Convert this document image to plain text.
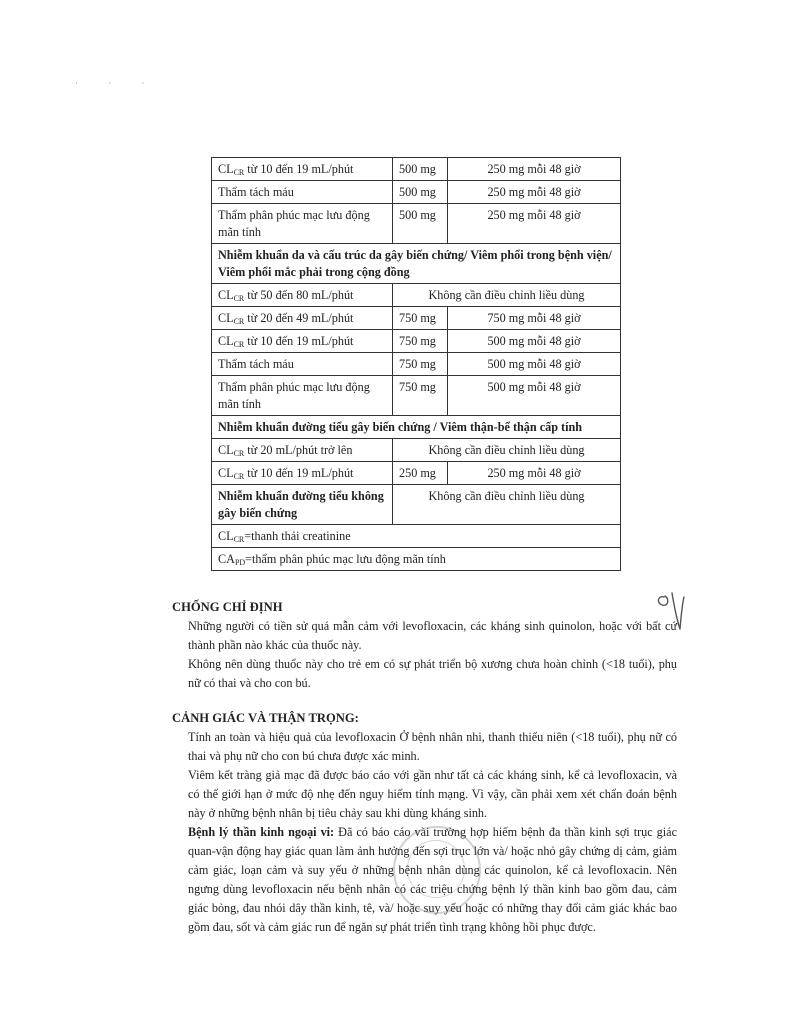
· · ·
$CL_{CR}$ từ 10 đến 19 mL/phút	500 mg	250 mg mỗi 48 giờ
Thẩm tách máu	500 mg	250 mg mỗi 48 giờ
Thẩm phân phúc mạc lưu động mãn tính	500 mg	250 mg mỗi 48 giờ
Nhiễm khuẩn da và cấu trúc da gây biến chứng/ Viêm phổi trong bệnh viện/ Viêm phổi mắc phải trong cộng đồng		
$CL_{CR}$ từ 50 đến 80 mL/phút	Không cần điều chỉnh liều dùng	
$CL_{CR}$ từ 20 đến 49 mL/phút	750 mg	750 mg mỗi 48 giờ
$CL_{CR}$ từ 10 đến 19 mL/phút	750 mg	500 mg mỗi 48 giờ
Thẩm tách máu	750 mg	500 mg mỗi 48 giờ
Thẩm phân phúc mạc lưu động mãn tính	750 mg	500 mg mỗi 48 giờ
Nhiễm khuẩn đường tiểu gây biến chứng / Viêm thận-bể thận cấp tính		
$CL_{CR}$ từ 20 mL/phút trở lên	Không cần điều chỉnh liều dùng	
$CL_{CR}$ từ 10 đến 19 mL/phút	250 mg	250 mg mỗi 48 giờ
Nhiễm khuẩn đường tiểu không gây biến chứng	Không cần điều chỉnh liều dùng	
$CL_{CR}=thanh$ thải creatinine		
$CA_{PD}=thẩm$ phân phúc mạc lưu động mãn tính		

CHỐNG CHỈ ĐỊNH

Những người có tiền sử quá mẫn cảm với levofloxacin, các kháng sinh quinolon, hoặc với bất cứ thành phần nào khác của thuốc này.

Không nên dùng thuốc này cho trẻ em có sự phát triển bộ xương chưa hoàn chỉnh (<18 tuổi), phụ nữ có thai và cho con bú.

CẢNH GIÁC VÀ THẬN TRỌNG:

Tính an toàn và hiệu quả của levofloxacin Ở bệnh nhân nhi, thanh thiếu niên (<18 tuổi), phụ nữ có thai và phụ nữ cho con bú chưa được xác minh.

Viêm kết tràng giả mạc đã được báo cáo với gần như tất cả các kháng sinh, kể cả levofloxacin, và có thể giới hạn ở mức độ nhẹ đến nguy hiểm tính mạng. Vì vậy, cần phải xem xét chẩn đoán bệnh này ở những bệnh nhân bị tiêu chảy sau khi dùng kháng sinh.

Bệnh lý thần kinh ngoại vi: Đã có báo cáo vài trường hợp hiếm bệnh đa thần kinh sợi trục giác quan-vận động hay giác quan làm ảnh hưởng đến sợi trục lớn và/ hoặc nhỏ gây chứng dị cảm, giảm cảm giác, loạn cảm và suy yếu ở những bệnh nhân dùng các quinolon, kể cả levofloxacin. Nên ngưng dùng levofloxacin nếu bệnh nhân có các triệu chứng bệnh lý thần kinh bao gồm đau, cảm giác bỏng, đau nhói dây thần kinh, tê, và/ hoặc suy yếu hoặc có những thay đổi cảm giác khác bao gồm đau, sốt và cảm giác run để ngăn sự phát triển tình trạng không hồi phục được.
